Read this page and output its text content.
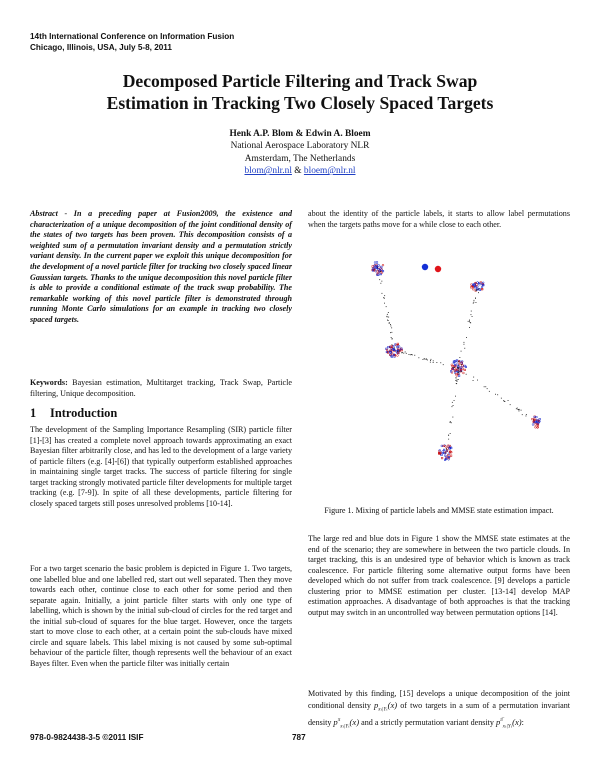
14th International Conference on Information Fusion
Chicago, Illinois, USA, July 5-8, 2011
Decomposed Particle Filtering and Track Swap
Estimation in Tracking Two Closely Spaced Targets
Henk A.P. Blom & Edwin A. Bloem
National Aerospace Laboratory NLR
Amsterdam, The Netherlands
blom@nlr.nl & bloem@nlr.nl
Abstract - In a preceding paper at Fusion2009, the existence and characterization of a unique decomposition of the joint conditional density of the states of two targets has been proven. This decomposition consists of a weighted sum of a permutation invariant density and a permutation strictly variant density. In the current paper we exploit this unique decomposition for the development of a novel particle filter for tracking two closely spaced linear Gaussian targets. Thanks to the unique decomposition this novel particle filter is able to provide a conditional estimate of the track swap probability. The remarkable working of this novel particle filter is demonstrated through running Monte Carlo simulations for an example in tracking two closely spaced targets.
Keywords: Bayesian estimation, Multitarget tracking, Track Swap, Particle filtering, Unique decomposition.
1 Introduction
The development of the Sampling Importance Resampling (SIR) particle filter [1]-[3] has created a complete novel approach towards approximating an exact Bayesian filter arbitrarily close, and has led to the development of a large variety of particle filters (e.g. [4]-[6]) that typically outperform established approaches in maintaining single target tracks. The success of particle filtering for single target tracking strongly motivated particle filter developments for multiple target tracking (e.g. [7-9]). In spite of all these developments, particle filtering for closely spaced targets still poses unresolved problems [10-14].
For a two target scenario the basic problem is depicted in Figure 1. Two targets, one labelled blue and one labelled red, start out well separated. Then they move towards each other, continue close to each other for some period and then separate again. Initially, a joint particle filter starts with only one type of labelling, which is shown by the initial sub-cloud of circles for the red target and the initial sub-cloud of squares for the blue target. However, once the targets start to move close to each other, at a certain point the sub-clouds have mixed circle and square labels. This label mixing is not caused by some sub-optimal behaviour of the particle filter, though represents well the behaviour of an exact Bayes filter. Even when the particle filter was initially certain
about the identity of the particle labels, it starts to allow label permutations when the targets paths move for a while close to each other.
Figure 1. Mixing of particle labels and MMSE state estimation impact.
The large red and blue dots in Figure 1 show the MMSE state estimates at the end of the scenario; they are somewhere in between the two particle clouds. In target tracking, this is an undesired type of behavior which is known as track coalescence. For particle filtering some alternative output forms have been developed which do not suffer from track coalescence. [9] develops a particle clustering prior to MMSE estimation per cluster. [13-14] develop MAP estimation approaches. A disadvantage of both approaches is that the tracking output may switch in an uncontrolled way between permutation options [14].
Motivated by this finding, [15] develops a unique decomposition of the joint conditional density $p_{x_t|Y_t}(x)$ of two targets in a sum of a permutation invariant density $p^\pi_{x_t|Y_t}(x)$ and a strictly permutation variant density $p^{\pi̅}_{x_t|Y_t}(x)$:
978-0-9824438-3-5 ©2011 ISIF	787
